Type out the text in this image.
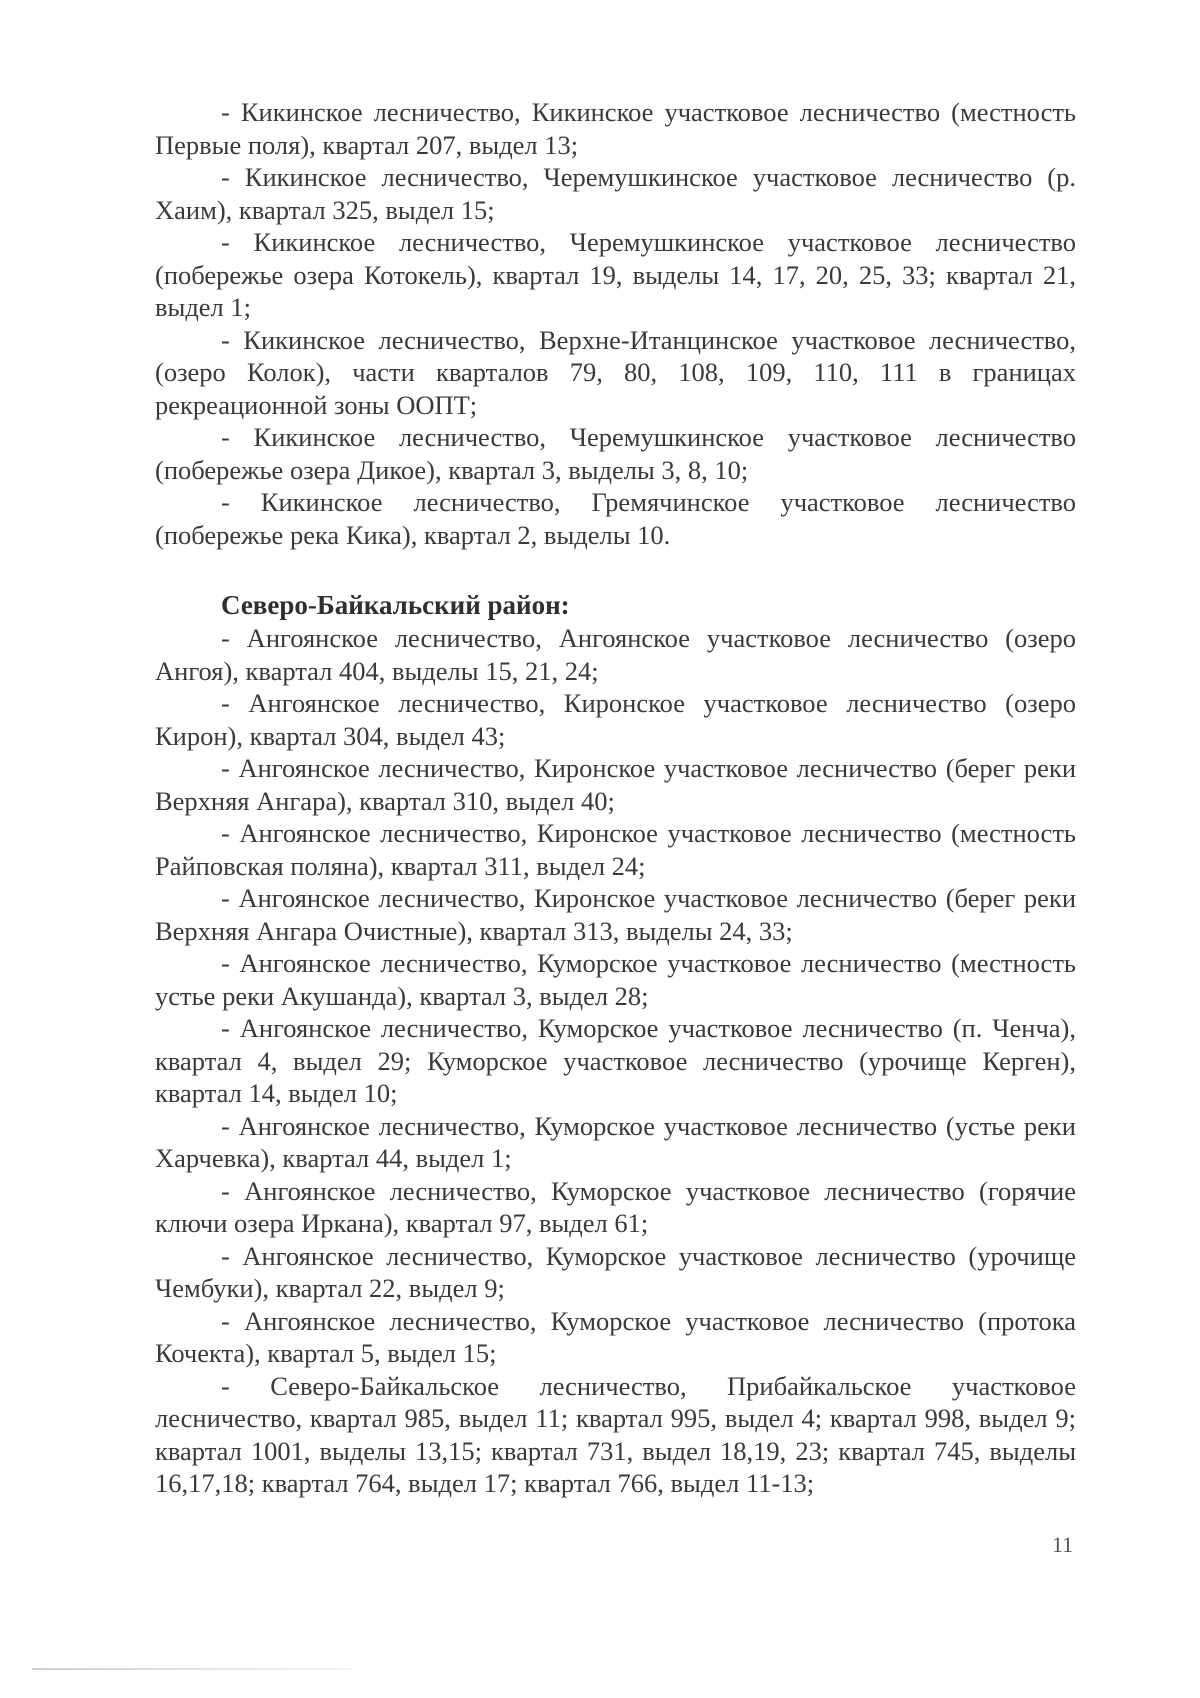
- Кикинское лесничество, Кикинское участковое лесничество (местность Первые поля), квартал 207, выдел 13;

- Кикинское лесничество, Черемушкинское участковое лесничество (р. Хаим), квартал 325, выдел 15;

- Кикинское лесничество, Черемушкинское участковое лесничество (побережье озера Котокель), квартал 19, выделы 14, 17, 20, 25, 33; квартал 21, выдел 1;

- Кикинское лесничество, Верхне-Итанцинское участковое лесничество, (озеро Колок), части кварталов 79, 80, 108, 109, 110, 111 в границах рекреационной зоны ООПТ;

- Кикинское лесничество, Черемушкинское участковое лесничество (побережье озера Дикое), квартал 3, выделы 3, 8, 10;

- Кикинское лесничество, Гремячинское участковое лесничество (побережье река Кика), квартал 2, выделы 10.

Северо-Байкальский район:

- Ангоянское лесничество, Ангоянское участковое лесничество (озеро Ангоя), квартал 404, выделы 15, 21, 24;

- Ангоянское лесничество, Киронское участковое лесничество (озеро Кирон), квартал 304, выдел 43;

- Ангоянское лесничество, Киронское участковое лесничество (берег реки Верхняя Ангара), квартал 310, выдел 40;

- Ангоянское лесничество, Киронское участковое лесничество (местность Райповская поляна), квартал 311, выдел 24;

- Ангоянское лесничество, Киронское участковое лесничество (берег реки Верхняя Ангара Очистные), квартал 313, выделы 24, 33;

- Ангоянское лесничество, Куморское участковое лесничество (местность устье реки Акушанда), квартал 3, выдел 28;

- Ангоянское лесничество, Куморское участковое лесничество (п. Ченча), квартал 4, выдел 29; Куморское участковое лесничество (урочище Керген), квартал 14, выдел 10;

- Ангоянское лесничество, Куморское участковое лесничество (устье реки Харчевка), квартал 44, выдел 1;

- Ангоянское лесничество, Куморское участковое лесничество (горячие ключи озера Иркана), квартал 97, выдел 61;

- Ангоянское лесничество, Куморское участковое лесничество (урочище Чембуки), квартал 22, выдел 9;

- Ангоянское лесничество, Куморское участковое лесничество (протока Кочекта), квартал 5, выдел 15;

- Северо-Байкальское лесничество, Прибайкальское участковое лесничество, квартал 985, выдел 11; квартал 995, выдел 4; квартал 998, выдел 9; квартал 1001, выделы 13,15; квартал 731, выдел 18,19, 23; квартал 745, выделы 16,17,18; квартал 764, выдел 17; квартал 766, выдел 11-13;

11
